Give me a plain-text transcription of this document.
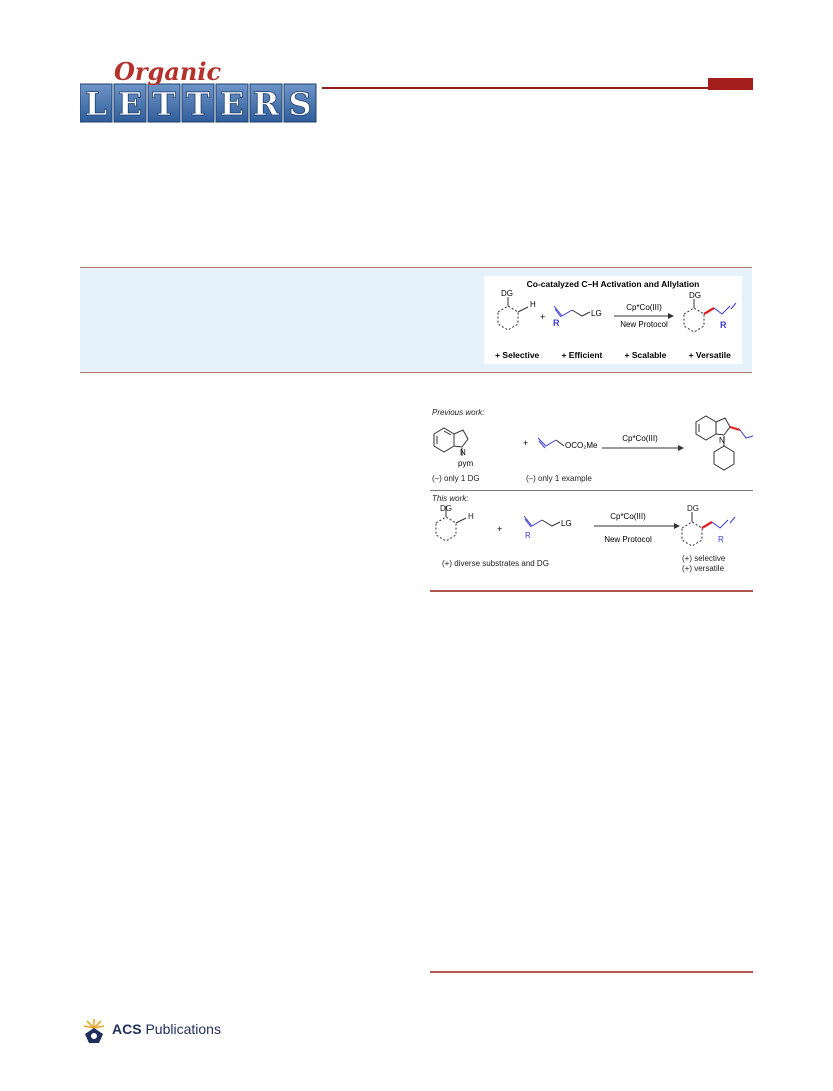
L E T T E R S
Organic
Co-catalyzed C–H Activation and Allylation
DG
H
+
R
LG
Cp*Co(III)
New Protocol
DG
R
+ Selective	+ Efficient	+ Scalable	+ Versatile
Previous work:
N
pym
+	OCO₂Me
Cp*Co(III)	N
+
R
LG
Cp*Co(III)
New Protocol	R
(–) only 1 DG	(–) only 1 example
This work:
DG
H
DG
(+) diverse substrates and DG
(+) selective
(+) versatile
ACS Publications
